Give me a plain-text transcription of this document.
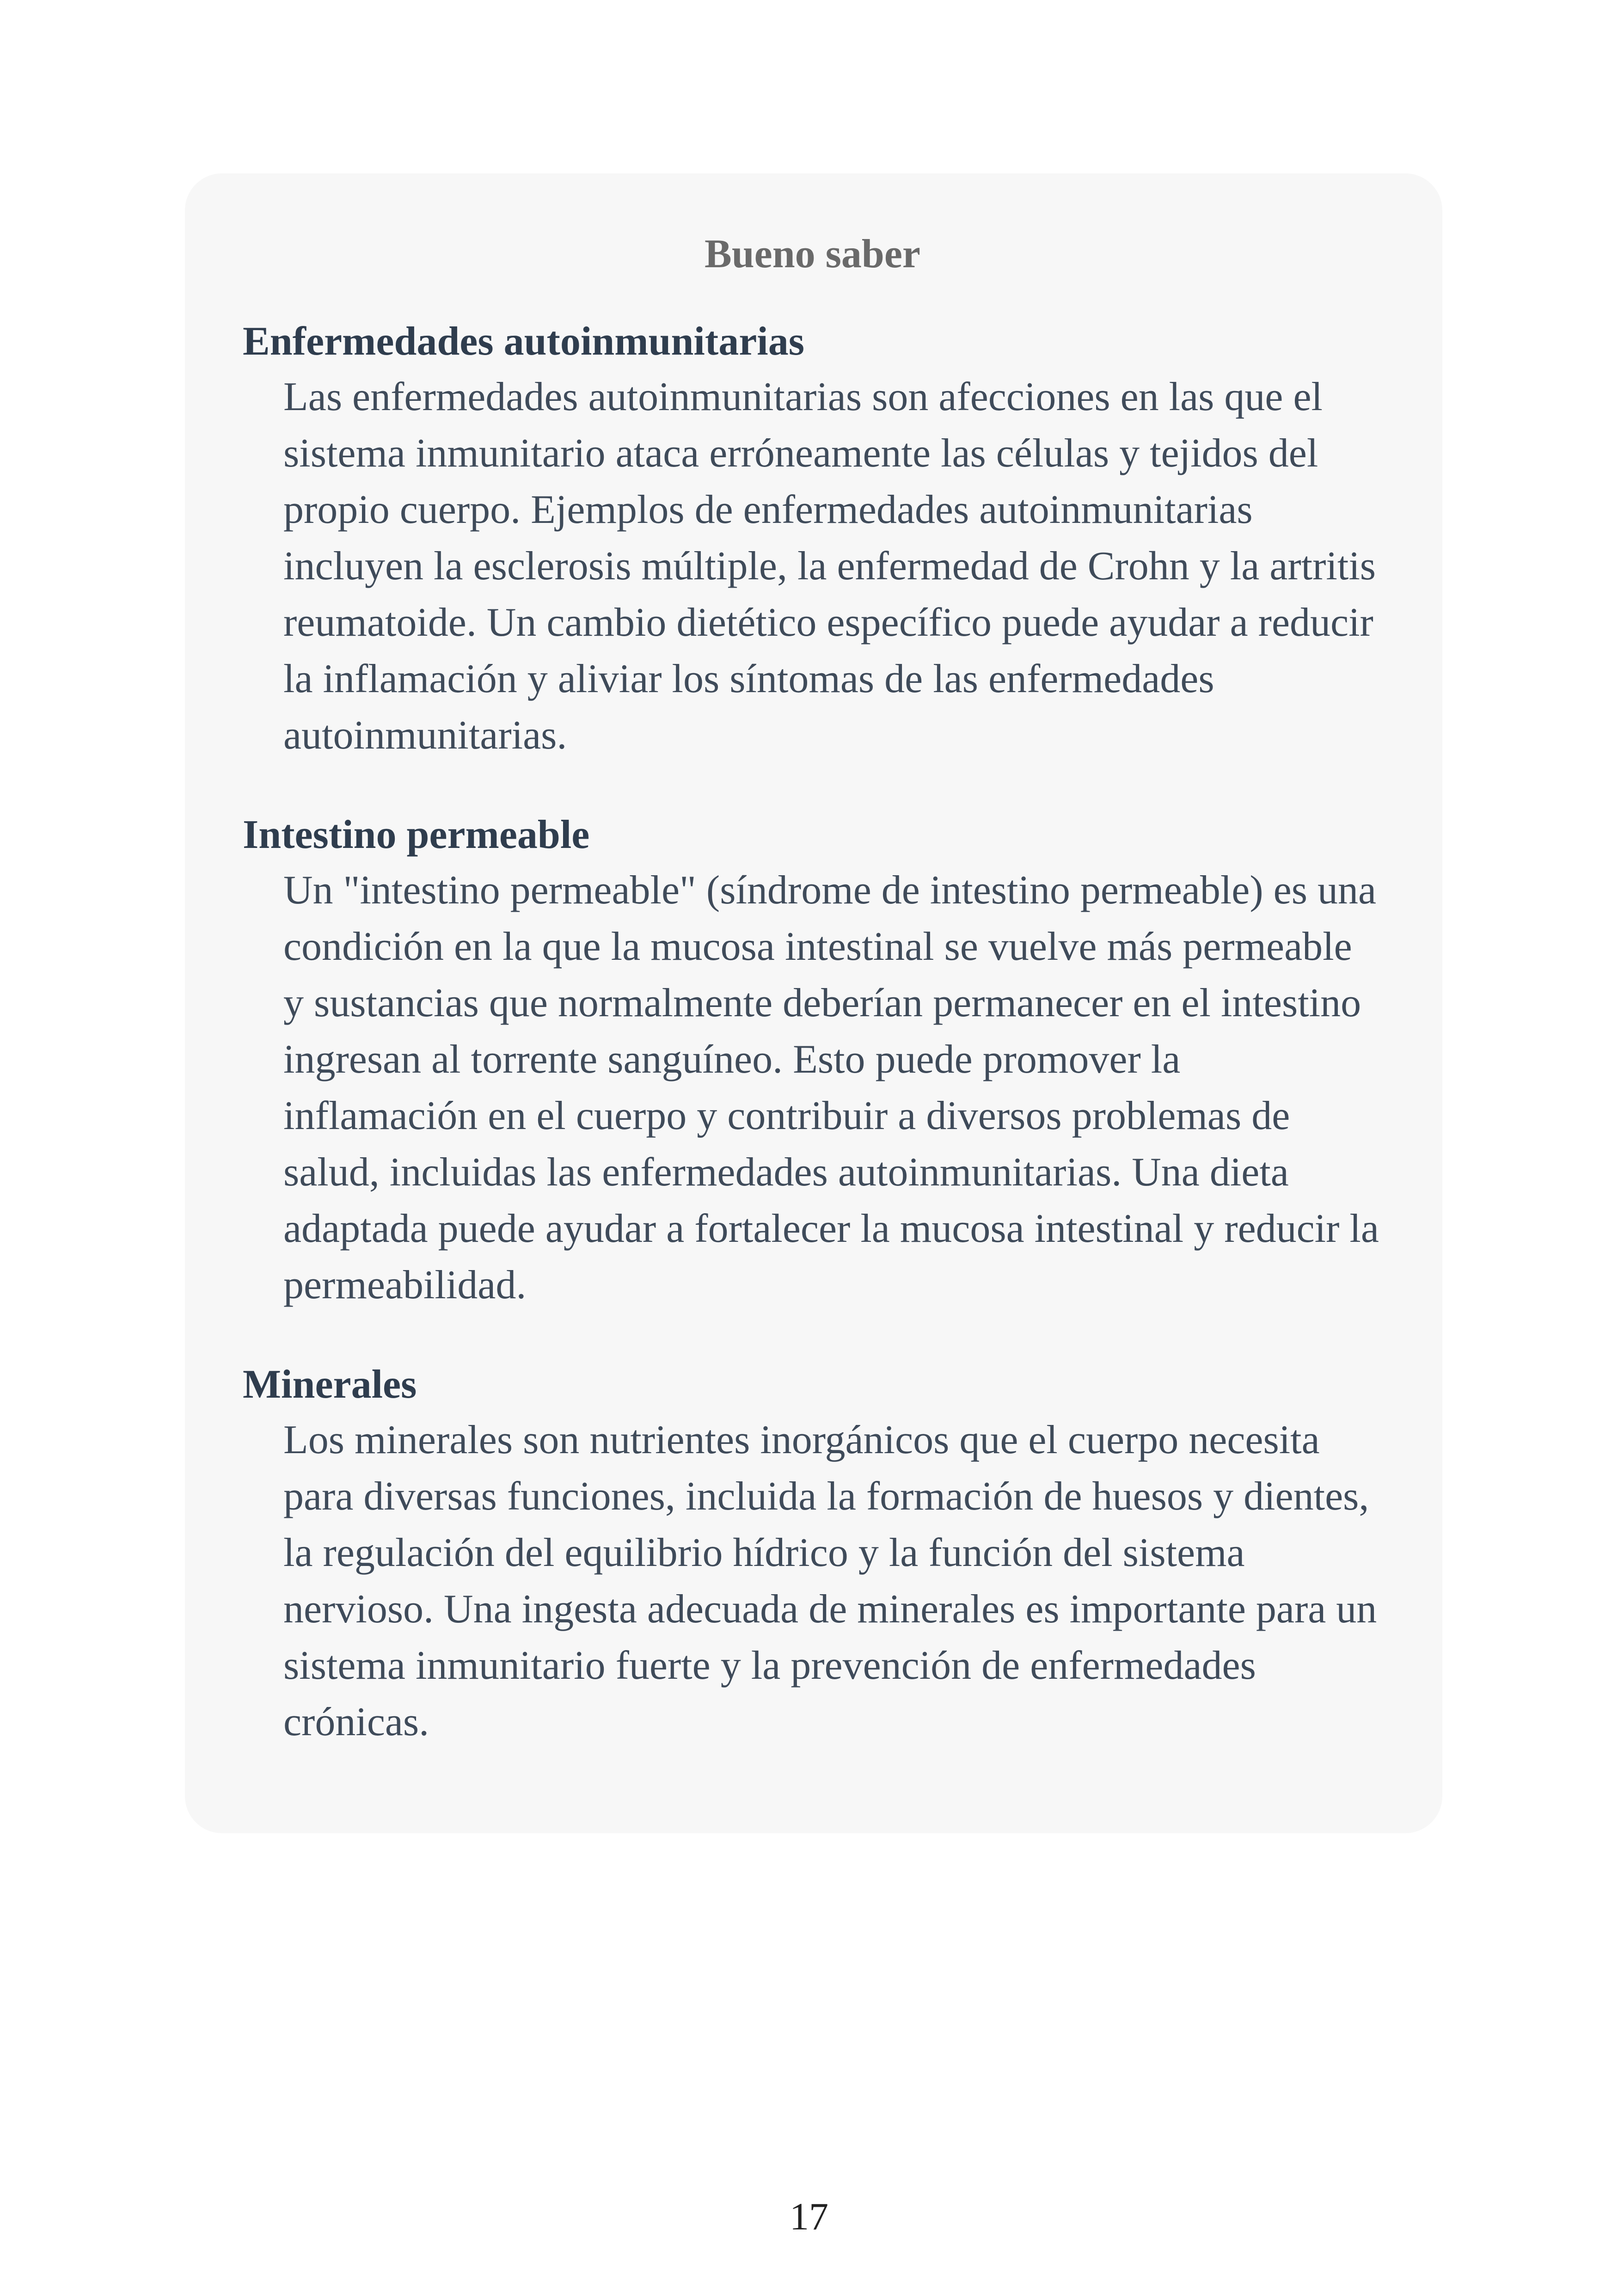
Bueno saber

Enfermedades autoinmunitarias

Las enfermedades autoinmunitarias son afecciones en las que el sistema inmunitario ataca erróneamente las células y tejidos del propio cuerpo. Ejemplos de enfermedades autoinmunitarias incluyen la esclerosis múltiple, la enfermedad de Crohn y la artritis reumatoide. Un cambio dietético específico puede ayudar a reducir la inflamación y aliviar los síntomas de las enfermedades autoinmunitarias.

Intestino permeable

Un "intestino permeable" (síndrome de intestino permeable) es una condición en la que la mucosa intestinal se vuelve más permeable y sustancias que normalmente deberían permanecer en el intestino ingresan al torrente sanguíneo. Esto puede promover la inflamación en el cuerpo y contribuir a diversos problemas de salud, incluidas las enfermedades autoinmunitarias. Una dieta adaptada puede ayudar a fortalecer la mucosa intestinal y reducir la permeabilidad.

Minerales

Los minerales son nutrientes inorgánicos que el cuerpo necesita para diversas funciones, incluida la formación de huesos y dientes, la regulación del equilibrio hídrico y la función del sistema nervioso. Una ingesta adecuada de minerales es importante para un sistema inmunitario fuerte y la prevención de enfermedades crónicas.

17
